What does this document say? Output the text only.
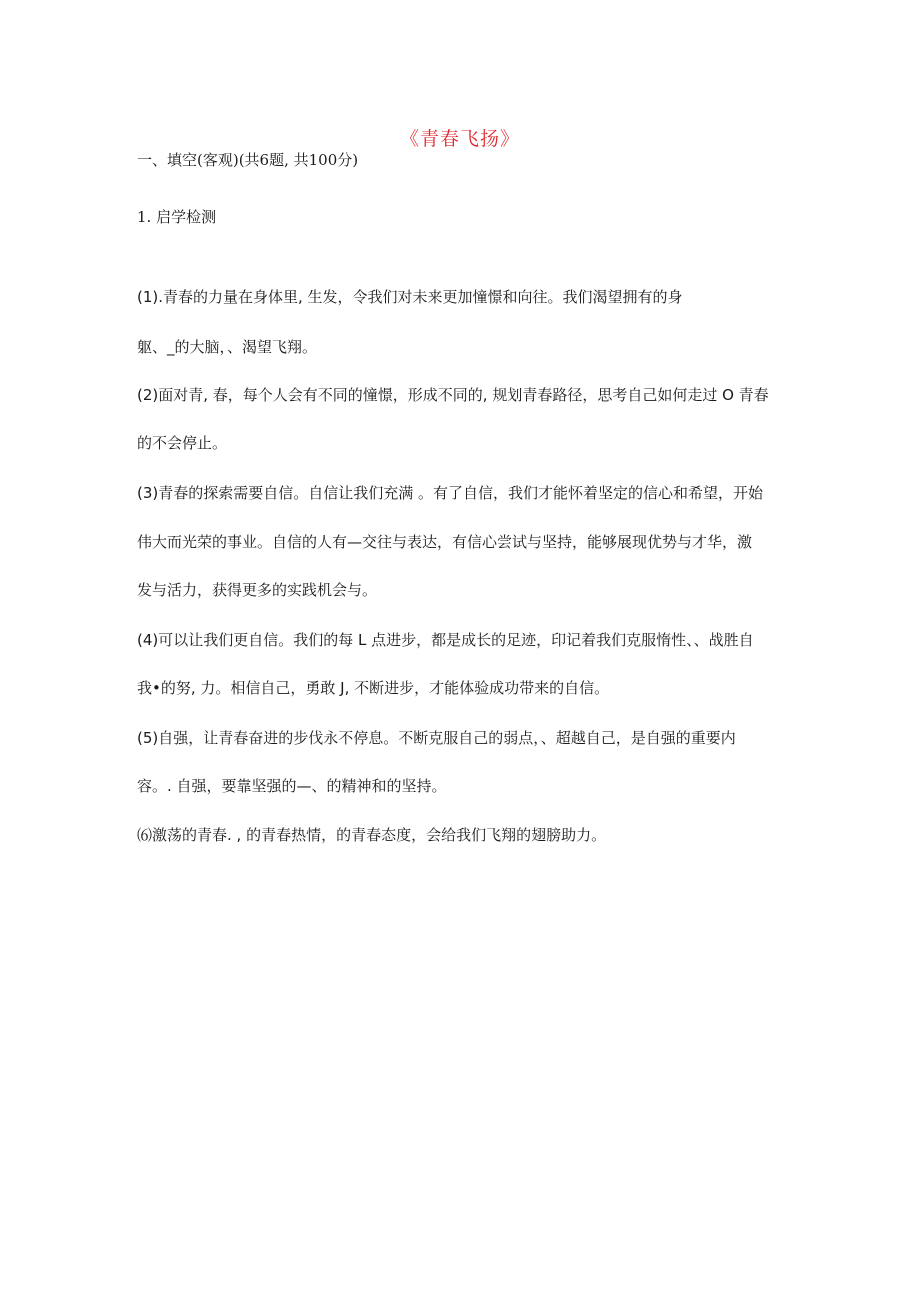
《青春飞扬》
一、填空(客观)(共6题, 共100分)
1. 启学检测
(1).青春的力量在身体里, 生发，令我们对未来更加憧憬和向往。我们渴望拥有的身
躯、_的大脑，、渴望飞翔。
(2)面对青, 春，每个人会有不同的憧憬，形成不同的, 规划青春路径，思考自己如何走过 O 青春
的不会停止。
(3)青春的探索需要自信。自信让我们充满 。有了自信，我们才能怀着坚定的信心和希望，开始
伟大而光荣的事业。自信的人有—交往与表达，有信心尝试与坚持，能够展现优势与才华，激
发与活力，获得更多的实践机会与。
(4)可以让我们更自信。我们的每 L 点进步，都是成长的足迹，印记着我们克服惰性、、战胜自
我•的努, 力。相信自己，勇敢 J, 不断进步，才能体验成功带来的自信。
(5)自强，让青春奋进的步伐永不停息。不断克服自己的弱点，、超越自己，是自强的重要内
容。. 自强，要靠坚强的—、的精神和的坚持。
⑹激荡的青春. , 的青春热情，的青春态度，会给我们飞翔的翅膀助力。
